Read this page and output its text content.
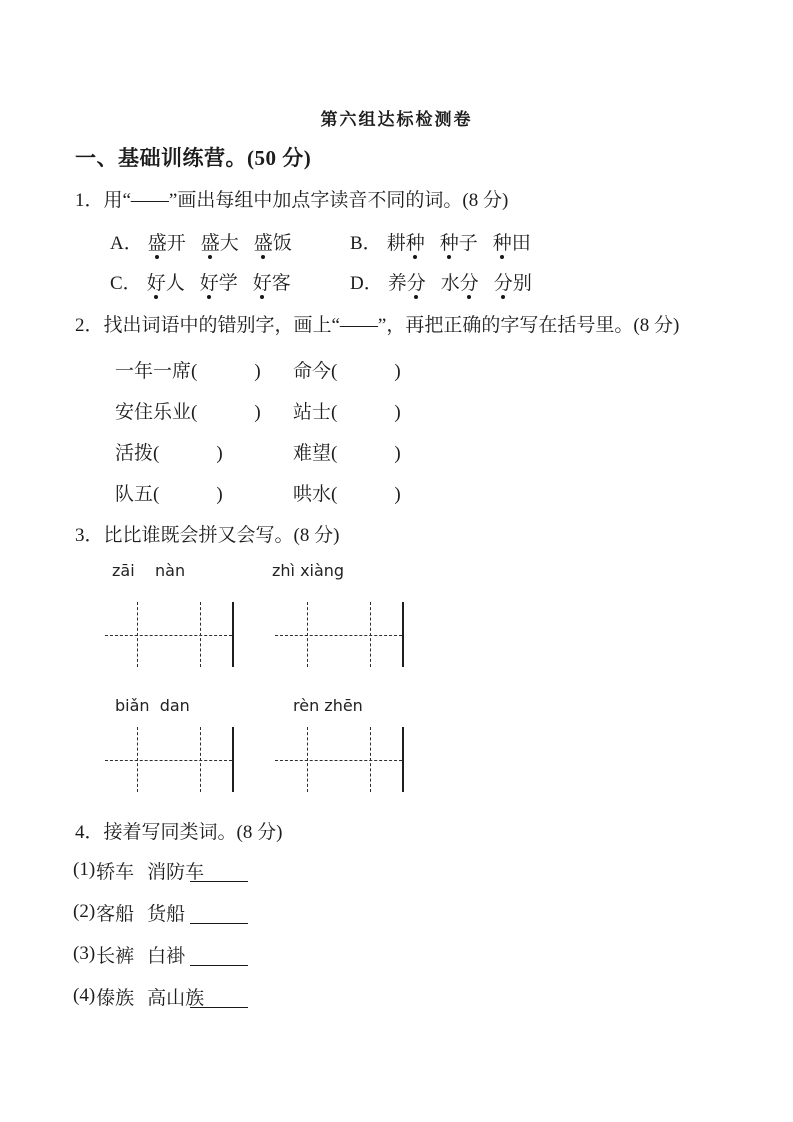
第六组达标检测卷
一、基础训练营。(50 分)
1．用“——”画出每组中加点字读音不同的词。(8 分)
A． 盛开 盛大 盛饭	B． 耕种 种子 种田
C． 好人 好学 好客	D． 养分 水分 分别
2．找出词语中的错别字，画上“——”，再把正确的字写在括号里。(8 分)
一年一席(　　　)	命今(　　　)
安住乐业(　　　)	站士(　　　)
活拨(　　　)	难望(　　　)
队五(　　　)	哄水(　　　)
3．比比谁既会拼又会写。(8 分)
zāi    nàn	zhì xiàng
biǎn  dan	rèn zhēn
4．接着写同类词。(8 分)
(1) 轿车 消防车
(2) 客船 货船
(3) 长裤 白褂
(4) 傣族 高山族
